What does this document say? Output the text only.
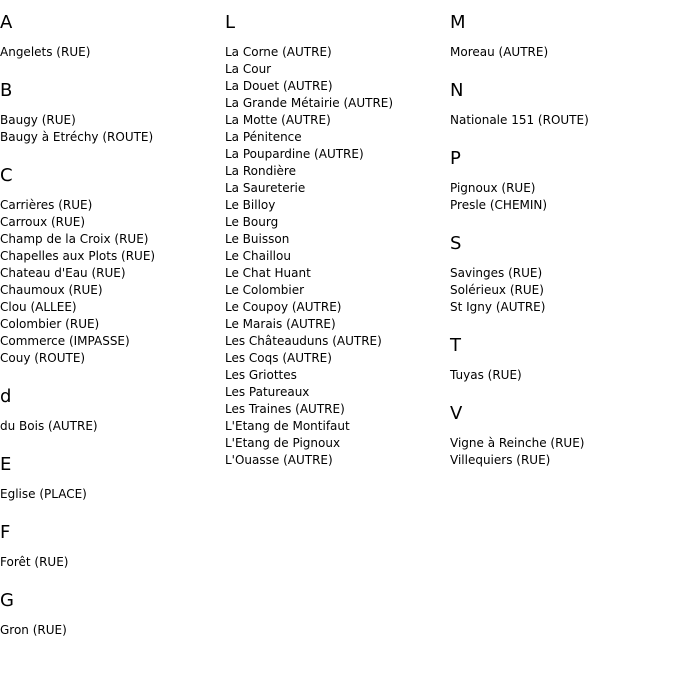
A
Angelets (RUE)
B
Baugy (RUE)
Baugy à Etréchy (ROUTE)
C
Carrières (RUE)
Carroux (RUE)
Champ de la Croix (RUE)
Chapelles aux Plots (RUE)
Chateau d'Eau (RUE)
Chaumoux (RUE)
Clou (ALLEE)
Colombier (RUE)
Commerce (IMPASSE)
Couy (ROUTE)
d
du Bois (AUTRE)
E
Eglise (PLACE)
F
Forêt (RUE)
G
Gron (RUE)
L
La Corne (AUTRE)
La Cour
La Douet (AUTRE)
La Grande Métairie (AUTRE)
La Motte (AUTRE)
La Pénitence
La Poupardine (AUTRE)
La Rondière
La Saureterie
Le Billoy
Le Bourg
Le Buisson
Le Chaillou
Le Chat Huant
Le Colombier
Le Coupoy (AUTRE)
Le Marais (AUTRE)
Les Châteauduns (AUTRE)
Les Coqs (AUTRE)
Les Griottes
Les Patureaux
Les Traines (AUTRE)
L'Etang de Montifaut
L'Etang de Pignoux
L'Ouasse (AUTRE)
M
Moreau (AUTRE)
N
Nationale 151 (ROUTE)
P
Pignoux (RUE)
Presle (CHEMIN)
S
Savinges (RUE)
Solérieux (RUE)
St Igny (AUTRE)
T
Tuyas (RUE)
V
Vigne à Reinche (RUE)
Villequiers (RUE)
